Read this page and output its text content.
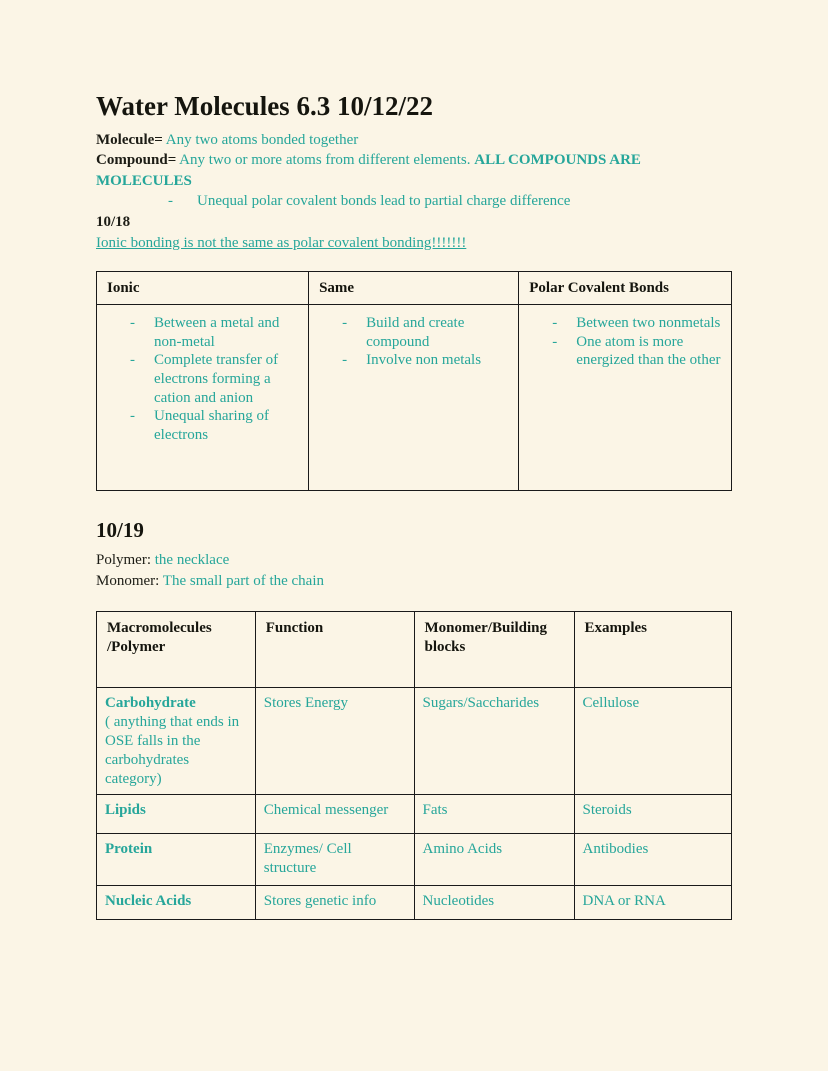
Water Molecules 6.3 10/12/22

Molecule= Any two atoms bonded together

Compound= Any two or more atoms from different elements. ALL COMPOUNDS ARE MOLECULES

-	Unequal polar covalent bonds lead to partial charge difference

10/18

Ionic bonding is not the same as polar covalent bonding!!!!!!!

Ionic	Same	Polar Covalent Bonds

-	Between a metal and non-metal
-	Complete transfer of electrons forming a cation and anion
-	Unequal sharing of electrons

-	Build and create compound
-	Involve non metals

-	Between two nonmetals
-	One atom is more energized than the other
10/19

Polymer: the necklace

Monomer: The small part of the chain

Macromolecules /Polymer	Function	Monomer/Building blocks	Examples
Carbohydrate
( anything that ends in OSE falls in the carbohydrates category)	Stores Energy	Sugars/Saccharides	Cellulose
Lipids	Chemical messenger	Fats	Steroids
Protein	Enzymes/ Cell structure	Amino Acids	Antibodies
Nucleic Acids	Stores genetic info	Nucleotides	DNA or RNA
